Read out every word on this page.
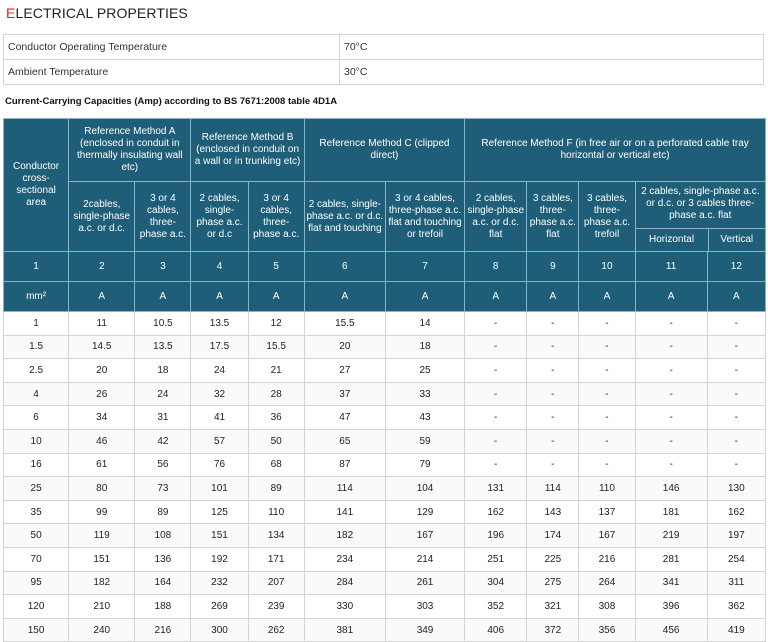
ELECTRICAL PROPERTIES
Conductor Operating Temperature	70°C
Ambient Temperature	30°C
Current-Carrying Capacities (Amp) according to BS 7671:2008 table 4D1A
Conductor cross-sectional area	Reference Method A (enclosed in conduit in thermally insulating wall etc)		Reference Method B (enclosed in conduit on a wall or in trunking etc)		Reference Method C (clipped direct)		Reference Method F (in free air or on a perforated cable tray horizontal or vertical etc)				
	2cables, single-phase a.c. or d.c.	3 or 4 cables, three-phase a.c.	2 cables, single-phase a.c. or d.c	3 or 4 cables, three-phase a.c.	2 cables, single-phase a.c. or d.c. flat and touching	3 or 4 cables, three-phase a.c. flat and touching or trefoil	2 cables, single-phase a.c. or d.c. flat	3 cables, three-phase a.c. flat	3 cables, three-phase a.c. trefoil	2 cables, single-phase a.c. or d.c. or 3 cables three-phase a.c. flat
Horizontal Vertical	

1	2	3	4	5	6	7	8	9	10	11	12
mm²	A	A	A	A	A	A	A	A	A	A	A
1	11	10.5	13.5	12	15.5	14	-	-	-	-	-
1.5	14.5	13.5	17.5	15.5	20	18	-	-	-	-	-
2.5	20	18	24	21	27	25	-	-	-	-	-
4	26	24	32	28	37	33	-	-	-	-	-
6	34	31	41	36	47	43	-	-	-	-	-
10	46	42	57	50	65	59	-	-	-	-	-
16	61	56	76	68	87	79	-	-	-	-	-
25	80	73	101	89	114	104	131	114	110	146	130
35	99	89	125	110	141	129	162	143	137	181	162
50	119	108	151	134	182	167	196	174	167	219	197
70	151	136	192	171	234	214	251	225	216	281	254
95	182	164	232	207	284	261	304	275	264	341	311
120	210	188	269	239	330	303	352	321	308	396	362
150	240	216	300	262	381	349	406	372	356	456	419
